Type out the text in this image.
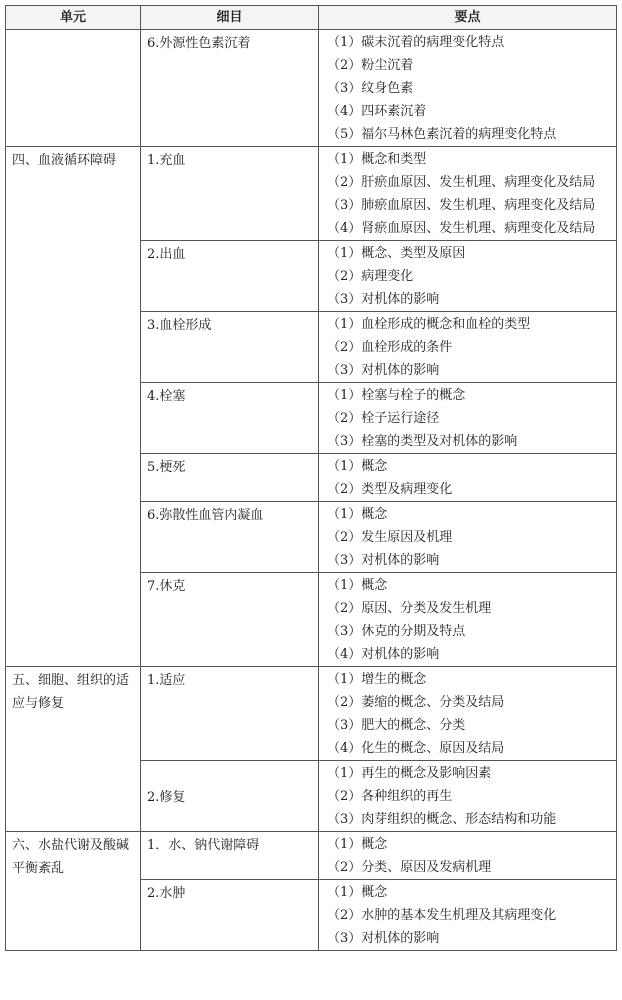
单元	细目	要点
	6.外源性色素沉着	（1）碳末沉着的病理变化特点
（2）粉尘沉着
（3）纹身色素
（4）四环素沉着
（5）福尔马林色素沉着的病理变化特点

四、血液循环障碍	1.充血	（1）概念和类型
（2）肝瘀血原因、发生机理、病理变化及结局
（3）肺瘀血原因、发生机理、病理变化及结局
（4）肾瘀血原因、发生机理、病理变化及结局

	2.出血	（1）概念、类型及原因
（2）病理变化
（3）对机体的影响

	3.血栓形成	（1）血栓形成的概念和血栓的类型
（2）血栓形成的条件
（3）对机体的影响

	4.栓塞	（1）栓塞与栓子的概念
（2）栓子运行途径
（3）栓塞的类型及对机体的影响

	5.梗死	（1）概念
（2）类型及病理变化

	6.弥散性血管内凝血	（1）概念
（2）发生原因及机理
（3）对机体的影响

	7.休克	（1）概念
（2）原因、分类及发生机理
（3）休克的分期及特点
（4）对机体的影响

五、细胞、组织的适应与修复	1.适应	（1）增生的概念
（2）萎缩的概念、分类及结局
（3）肥大的概念、分类
（4）化生的概念、原因及结局

	2.修复	（1）再生的概念及影响因素
（2）各种组织的再生
（3）肉芽组织的概念、形态结构和功能

六、水盐代谢及酸碱平衡紊乱	1．水、钠代谢障碍	（1）概念
（2）分类、原因及发病机理

	2.水肿	（1）概念
（2）水肿的基本发生机理及其病理变化
（3）对机体的影响
